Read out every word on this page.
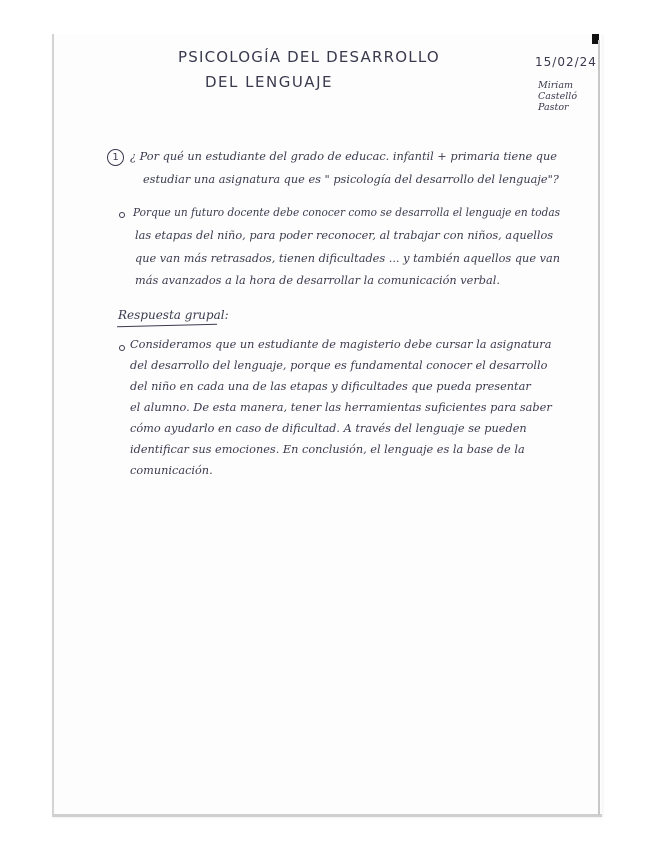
PSICOLOGÍA DEL DESARROLLO
DEL LENGUAJE
15/02/24
Miriam
Castelló
Pastor
1	¿ Por qué un estudiante del grado de educac. infantil + primaria tiene que
estudiar una asignatura que es " psicología del desarrollo del lenguaje"?
Porque un futuro docente debe conocer como se desarrolla el lenguaje en todas
las etapas del niño, para poder reconocer, al trabajar con niños, aquellos
que van más retrasados, tienen dificultades ... y también aquellos que van
más avanzados a la hora de desarrollar la comunicación verbal.
Respuesta grupal:
Consideramos que un estudiante de magisterio debe cursar la asignatura
del desarrollo del lenguaje, porque es fundamental conocer el desarrollo
del niño en cada una de las etapas y dificultades que pueda presentar
el alumno. De esta manera, tener las herramientas suficientes para saber
cómo ayudarlo en caso de dificultad. A través del lenguaje se pueden
identificar sus emociones. En conclusión, el lenguaje es la base de la
comunicación.
